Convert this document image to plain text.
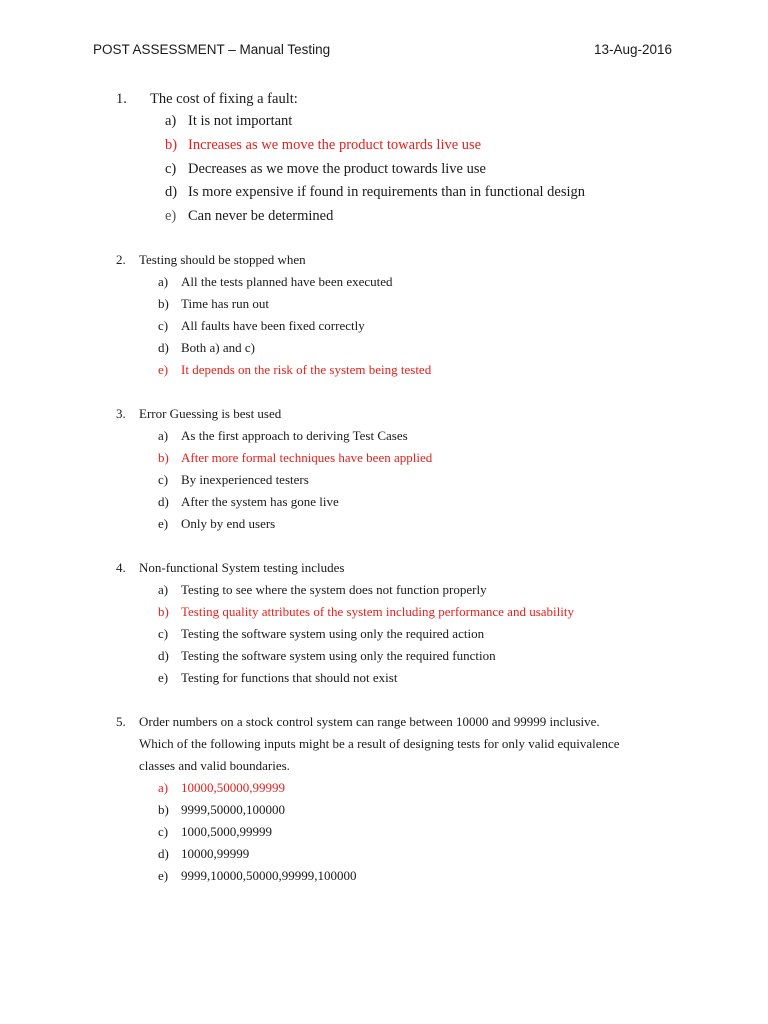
POST ASSESSMENT – Manual Testing	13-Aug-2016
1. The cost of fixing a fault:
a) It is not important
b) Increases as we move the product towards live use
c) Decreases as we move the product towards live use
d) Is more expensive if found in requirements than in functional design
e) Can never be determined
2. Testing should be stopped when
a) All the tests planned have been executed
b) Time has run out
c) All faults have been fixed correctly
d) Both a) and c)
e) It depends on the risk of the system being tested
3. Error Guessing is best used
a) As the first approach to deriving Test Cases
b) After more formal techniques have been applied
c) By inexperienced testers
d) After the system has gone live
e) Only by end users
4. Non-functional System testing includes
a) Testing to see where the system does not function properly
b) Testing quality attributes of the system including performance and usability
c) Testing the software system using only the required action
d) Testing the software system using only the required function
e) Testing for functions that should not exist
5. Order numbers on a stock control system can range between 10000 and 99999 inclusive.
Which of the following inputs might be a result of designing tests for only valid equivalence
classes and valid boundaries.
a) 10000,50000,99999
b) 9999,50000,100000
c) 1000,5000,99999
d) 10000,99999
e) 9999,10000,50000,99999,100000
